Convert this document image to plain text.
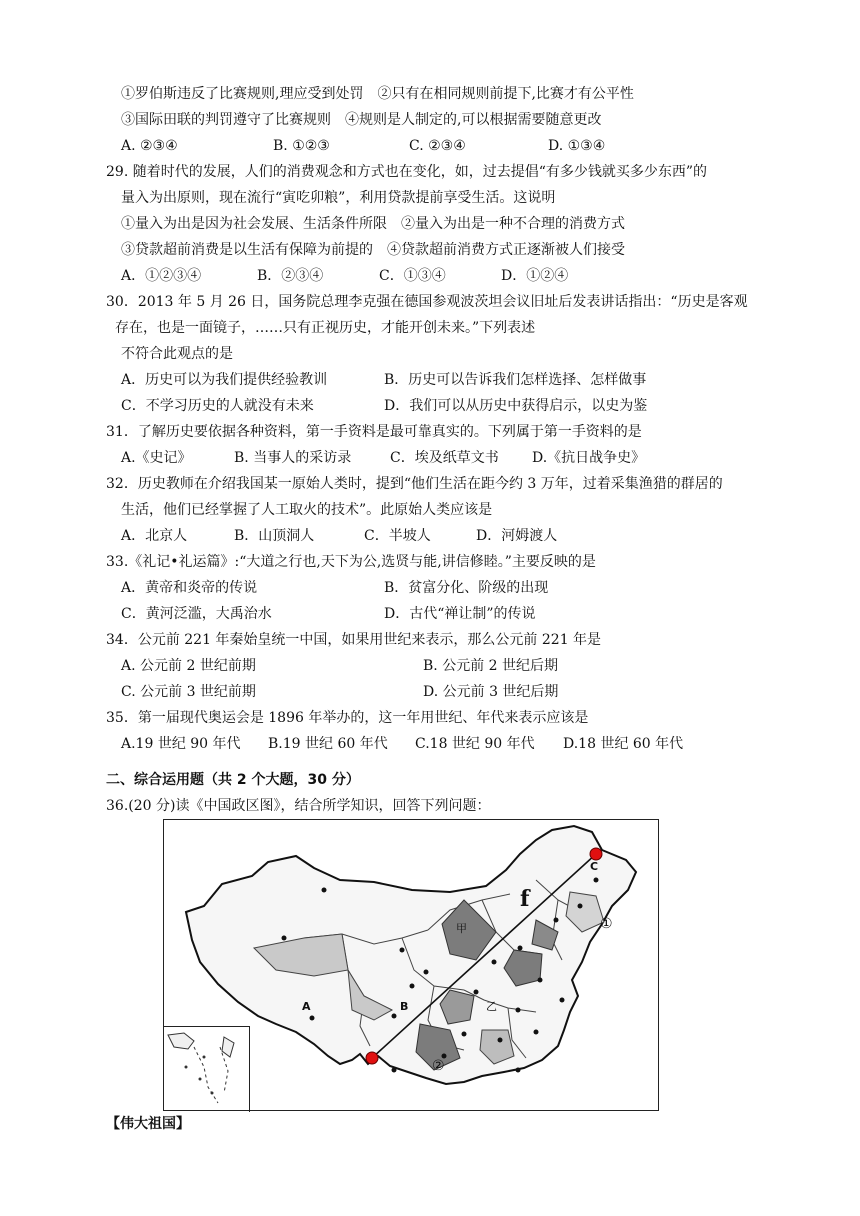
①罗伯斯违反了比赛规则,理应受到处罚　②只有在相同规则前提下,比赛才有公平性
③国际田联的判罚遵守了比赛规则　④规则是人制定的,可以根据需要随意更改
A. ②③④	B. ①②③	C. ②③④	D. ①③④
29. 随着时代的发展，人们的消费观念和方式也在变化，如，过去提倡“有多少钱就买多少东西”的
量入为出原则，现在流行“寅吃卯粮”，利用贷款提前享受生活。这说明
①量入为出是因为社会发展、生活条件所限　②量入为出是一种不合理的消费方式
③贷款超前消费是以生活有保障为前提的　④贷款超前消费方式正逐渐被人们接受
A．①②③④	B．②③④	C．①③④	D．①②④
30．2013 年 5 月 26 日，国务院总理李克强在德国参观波茨坦会议旧址后发表讲话指出：“历史是客观
存在，也是一面镜子，……只有正视历史，才能开创未来。”下列表述
不符合此观点的是
A．历史可以为我们提供经验教训	B．历史可以告诉我们怎样选择、怎样做事
C．不学习历史的人就没有未来	D．我们可以从历史中获得启示，以史为鉴
31．了解历史要依据各种资料，第一手资料是最可靠真实的。下列属于第一手资料的是
A.《史记》	B. 当事人的采访录	C．埃及纸草文书	D.《抗日战争史》
32．历史教师在介绍我国某一原始人类时，提到“他们生活在距今约 3 万年，过着采集渔猎的群居的
生活，他们已经掌握了人工取火的技术”。此原始人类应该是
A．北京人	B．山顶洞人	C．半坡人	D．河姆渡人
33.《礼记•礼运篇》:“大道之行也,天下为公,选贤与能,讲信修睦。”主要反映的是
A．黄帝和炎帝的传说	B．贫富分化、阶级的出现
C．黄河泛滥，大禹治水	D．古代“禅让制”的传说
34．公元前 221 年秦始皇统一中国，如果用世纪来表示，那么公元前 221 年是
A. 公元前 2 世纪前期	B. 公元前 2 世纪后期
C. 公元前 3 世纪前期	D. 公元前 3 世纪后期
35．第一届现代奥运会是 1896 年举办的，这一年用世纪、年代来表示应该是
A.19 世纪 90 年代	B.19 世纪 60 年代	C.18 世纪 90 年代	D.18 世纪 60 年代
二、综合运用题（共 2 个大题，30 分）
36.(20 分)读《中国政区图》，结合所学知识，回答下列问题：
f
C
甲
乙
A	B
①
②
【伟大祖国】
